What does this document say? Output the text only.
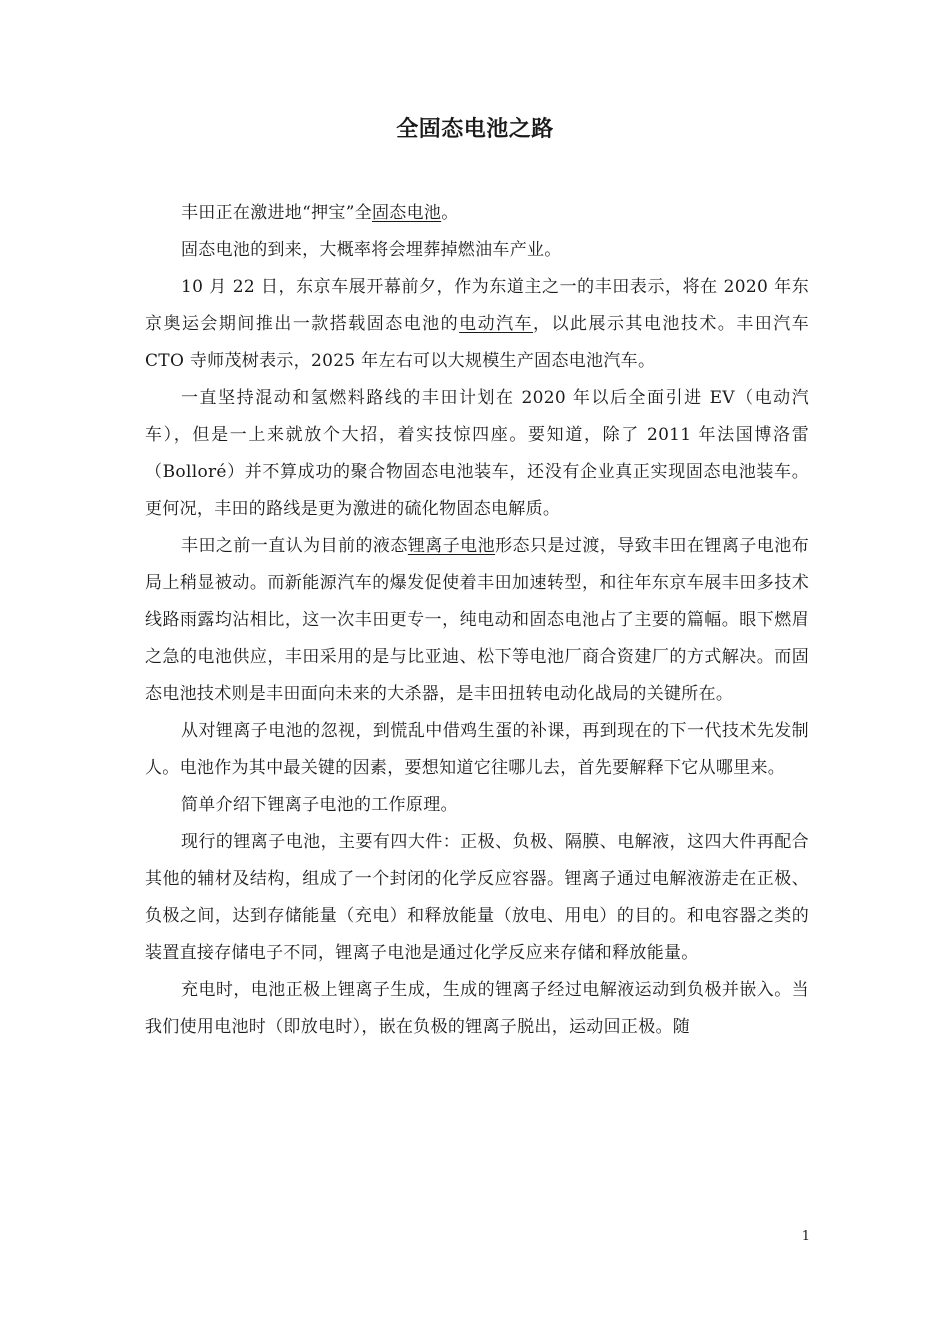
全固态电池之路

丰田正在激进地“押宝”全固态电池。

固态电池的到来，大概率将会埋葬掉燃油车产业。

10 月 22 日，东京车展开幕前夕，作为东道主之一的丰田表示，将在 2020 年东京奥运会期间推出一款搭载固态电池的电动汽车，以此展示其电池技术。丰田汽车 CTO 寺师茂树表示，2025 年左右可以大规模生产固态电池汽车。

一直坚持混动和氢燃料路线的丰田计划在 2020 年以后全面引进 EV（电动汽车），但是一上来就放个大招，着实技惊四座。要知道，除了 2011 年法国博洛雷（Bolloré）并不算成功的聚合物固态电池装车，还没有企业真正实现固态电池装车。更何况，丰田的路线是更为激进的硫化物固态电解质。

丰田之前一直认为目前的液态锂离子电池形态只是过渡，导致丰田在锂离子电池布局上稍显被动。而新能源汽车的爆发促使着丰田加速转型，和往年东京车展丰田多技术线路雨露均沾相比，这一次丰田更专一，纯电动和固态电池占了主要的篇幅。眼下燃眉之急的电池供应，丰田采用的是与比亚迪、松下等电池厂商合资建厂的方式解决。而固态电池技术则是丰田面向未来的大杀器，是丰田扭转电动化战局的关键所在。

从对锂离子电池的忽视，到慌乱中借鸡生蛋的补课，再到现在的下一代技术先发制人。电池作为其中最关键的因素，要想知道它往哪儿去，首先要解释下它从哪里来。

简单介绍下锂离子电池的工作原理。

现行的锂离子电池，主要有四大件：正极、负极、隔膜、电解液，这四大件再配合其他的辅材及结构，组成了一个封闭的化学反应容器。锂离子通过电解液游走在正极、负极之间，达到存储能量（充电）和释放能量（放电、用电）的目的。和电容器之类的装置直接存储电子不同，锂离子电池是通过化学反应来存储和释放能量。

充电时，电池正极上锂离子生成，生成的锂离子经过电解液运动到负极并嵌入。当我们使用电池时（即放电时），嵌在负极的锂离子脱出，运动回正极。随

1
